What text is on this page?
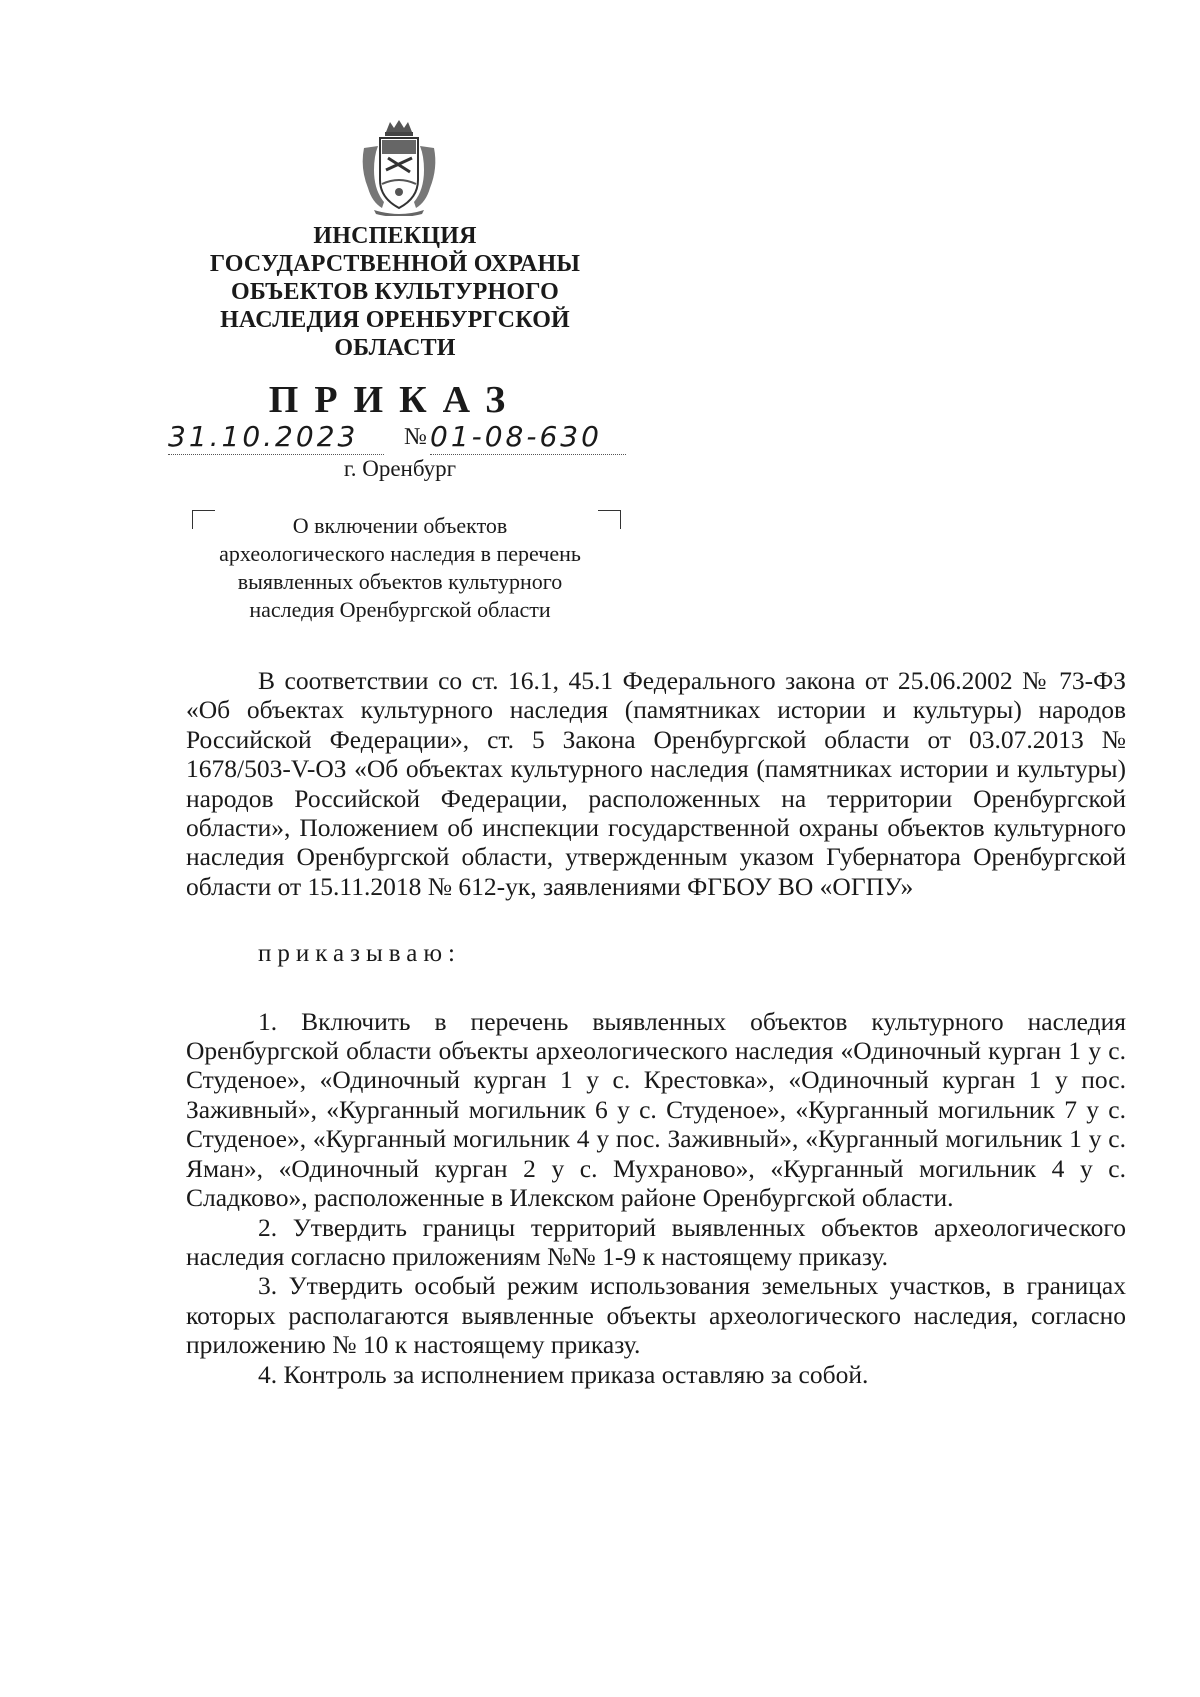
ИНСПЕКЦИЯ
ГОСУДАРСТВЕННОЙ ОХРАНЫ
ОБЪЕКТОВ КУЛЬТУРНОГО
НАСЛЕДИЯ ОРЕНБУРГСКОЙ
ОБЛАСТИ
ПРИКАЗ
31.10.2023 № 01-08-630
г. Оренбург
О включении объектов
археологического наследия в перечень
выявленных объектов культурного
наследия Оренбургской области

В соответствии со ст. 16.1, 45.1 Федерального закона от 25.06.2002 № 73-ФЗ «Об объектах культурного наследия (памятниках истории и культуры) народов Российской Федерации», ст. 5 Закона Оренбургской области от 03.07.2013 № 1678/503-V-ОЗ «Об объектах культурного наследия (памятниках истории и культуры) народов Российской Федерации, расположенных на территории Оренбургской области», Положением об инспекции государственной охраны объектов культурного наследия Оренбургской области, утвержденным указом Губернатора Оренбургской области от 15.11.2018 № 612-ук, заявлениями ФГБОУ ВО «ОГПУ»

приказываю:

1. Включить в перечень выявленных объектов культурного наследия Оренбургской области объекты археологического наследия «Одиночный курган 1 у с. Студеное», «Одиночный курган 1 у с. Крестовка», «Одиночный курган 1 у пос. Заживный», «Курганный могильник 6 у с. Студеное», «Курганный могильник 7 у с. Студеное», «Курганный могильник 4 у пос. Заживный», «Курганный могильник 1 у с. Яман», «Одиночный курган 2 у с. Мухраново», «Курганный могильник 4 у с. Сладково», расположенные в Илекском районе Оренбургской области.

2. Утвердить границы территорий выявленных объектов археологического наследия согласно приложениям №№ 1-9 к настоящему приказу.

3. Утвердить особый режим использования земельных участков, в границах которых располагаются выявленные объекты археологического наследия, согласно приложению № 10 к настоящему приказу.

4. Контроль за исполнением приказа оставляю за собой.
